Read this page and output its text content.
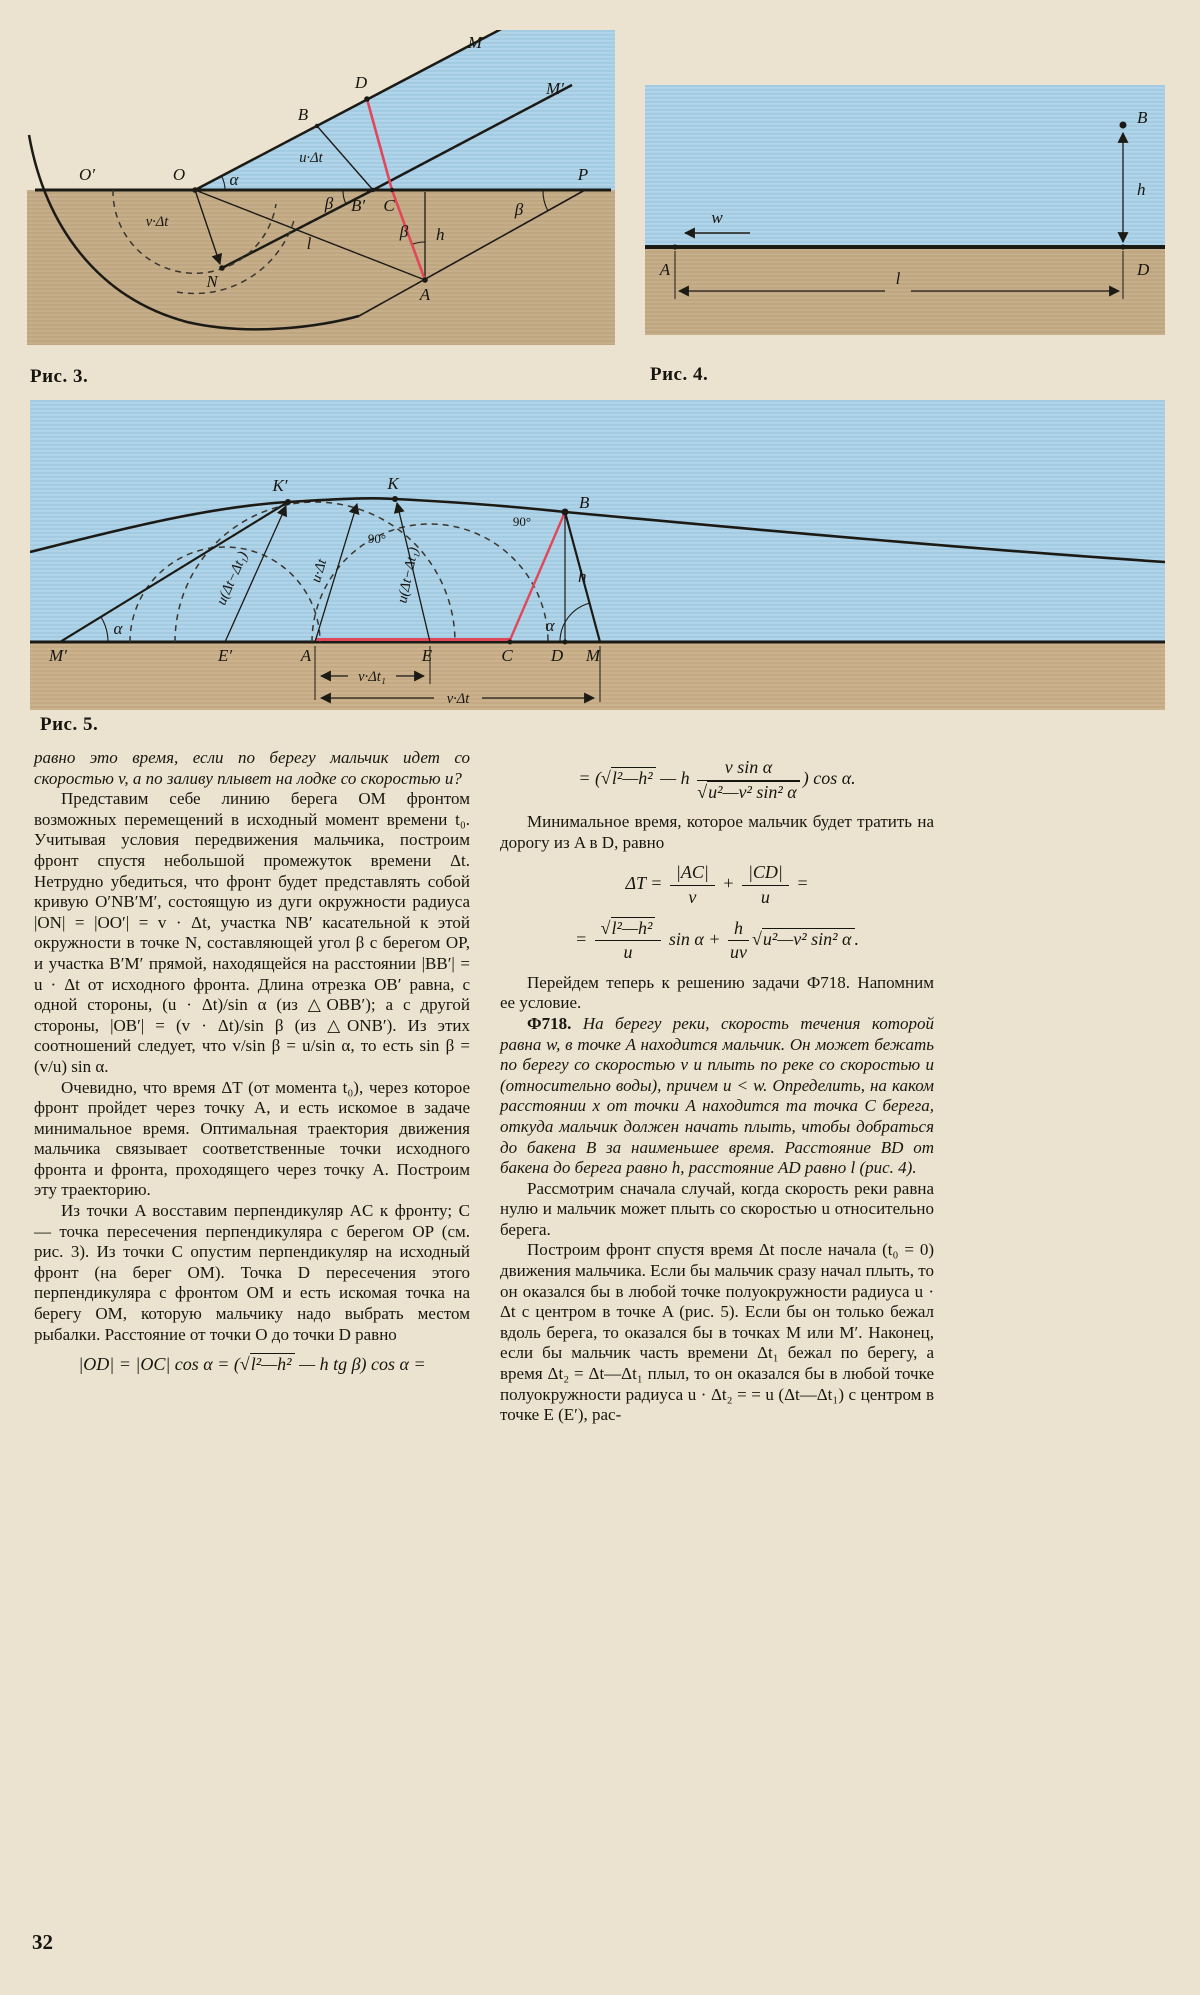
M
M′
D
B
u·Δt
O′	O	α	P
β B′ C	β
β h
l
v·Δt
N
A
Рис. 3.
B
w
h
A	l	D
Рис. 4.
K′	K
B
90°
90°
u·Δt
u(Δt−Δt₁)	u(Δt−Δt₁)
α	α
h
M′	E′	A	E	C D M
v·Δt₁
v·Δt
Рис. 5.

равно это время, если по берегу мальчик идет со скоростью v, а по заливу плывет на лодке со скоростью u?

Представим себе линию берега OM фронтом возможных перемещений в исходный момент времени t₀. Учитывая условия передвижения мальчика, построим фронт спустя небольшой промежуток времени Δt. Нетрудно убедиться, что фронт будет представлять собой кривую O′NB′M′, состоящую из дуги окружности радиуса |ON| = |OO′| = v · Δt, участка NB′ касательной к этой окружности в точке N, составляющей угол β с берегом OP, и участка B′M′ прямой, находящейся на расстоянии |BB′| = u · Δt от исходного фронта. Длина отрезка OB′ равна, с одной стороны, (u · Δt)/sin α (из △OBB′); а с другой стороны, |OB′| = (v · Δt)/sin β (из △ONB′). Из этих соотношений следует, что v/sin β = u/sin α, то есть sin β = (v/u) sin α.

Очевидно, что время ΔT (от момента t₀), через которое фронт пройдет через точку A, и есть искомое в задаче минимальное время. Оптимальная траектория движения мальчика связывает соответственные точки исходного фронта и фронта, проходящего через точку A. Построим эту траекторию.

Из точки A восставим перпендикуляр AC к фронту; C — точка пересечения перпендикуляра с берегом OP (см. рис. 3). Из точки C опустим перпендикуляр на исходный фронт (на берег OM). Точка D пересечения этого перпендикуляра с фронтом OM и есть искомая точка на берегу OM, которую мальчику надо выбрать местом рыбалки. Расстояние от точки O до точки D равно

|OD| = |OC| cos α = (√l²—h² — h tg β) cos α =
= (√l²—h² — h $\frac{\text{v sin α}}{\text{√u²—v² sin² α}}$ ) cos α.

Минимальное время, которое мальчик будет тратить на дорогу из A в D, равно

$\Delta T = \frac{|AC|}{v} + \frac{|CD|}{u}$ =
= $\frac{\text{√l²—h²}}{u}$ $\sin \alpha + \frac{h}{uv}$ √u²—v² sin² α .

Перейдем теперь к решению задачи Ф718. Напомним ее условие.

Ф718. На берегу реки, скорость течения которой равна w, в точке A находится мальчик. Он может бежать по берегу со скоростью v и плыть по реке со скоростью u (относительно воды), причем u < w. Определить, на каком расстоянии x от точки A находится та точка C берега, откуда мальчик должен начать плыть, чтобы добраться до бакена B за наименьшее время. Расстояние BD от бакена до берега равно h, расстояние AD равно l (рис. 4).

Рассмотрим сначала случай, когда скорость реки равна нулю и мальчик может плыть со скоростью u относительно берега.

Построим фронт спустя время Δt после начала (t₀ = 0) движения мальчика. Если бы мальчик сразу начал плыть, то он оказался бы в любой точке полуокружности радиуса u · Δt с центром в точке A (рис. 5). Если бы он только бежал вдоль берега, то оказался бы в точках M или M′. Наконец, если бы мальчик часть времени Δt₁ бежал по берегу, а время Δt₂ = Δt—Δt₁ плыл, то он оказался бы в любой точке полуокружности радиуса u · Δt₂ = = u (Δt—Δt₁) с центром в точке E (E′), рас-

32
